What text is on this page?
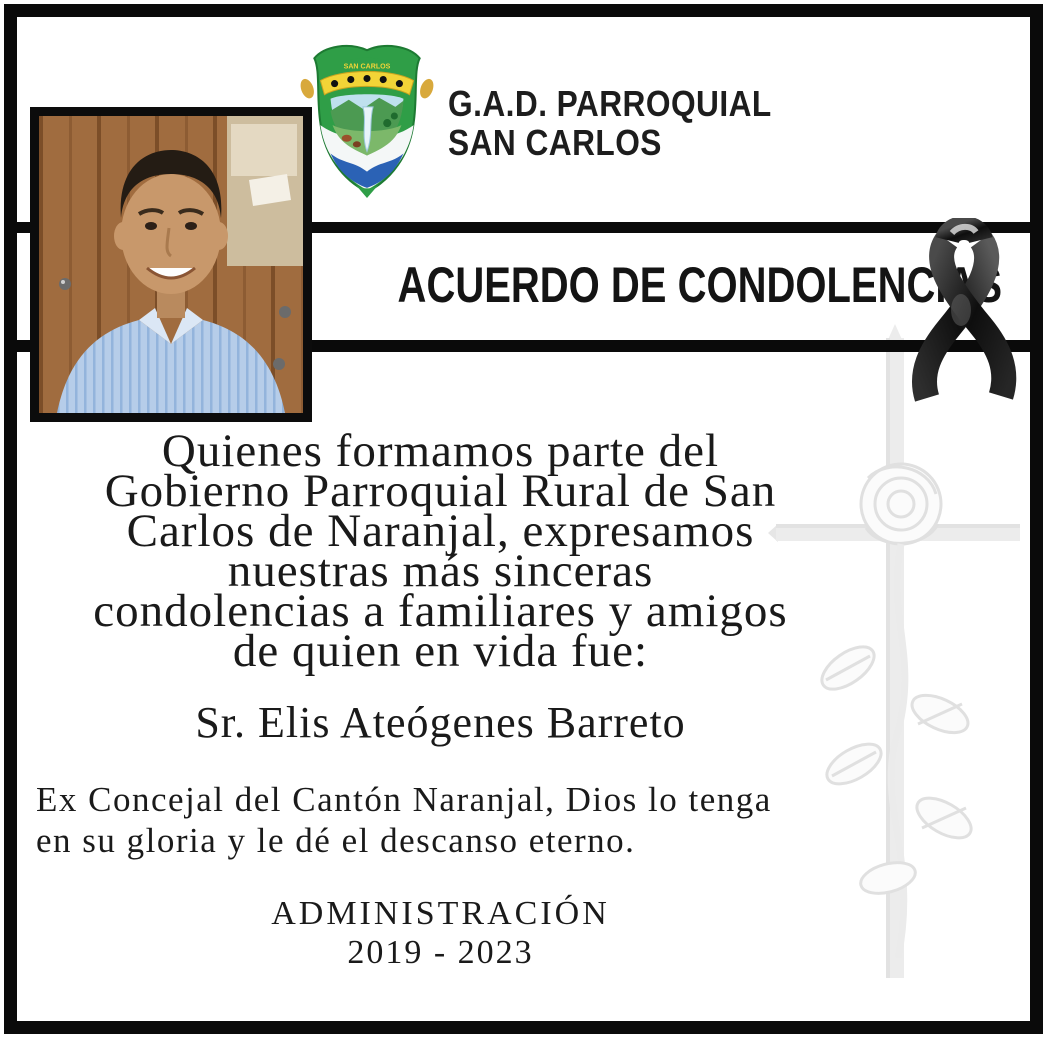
SAN CARLOS
G.A.D. PARROQUIAL
SAN CARLOS
ACUERDO DE CONDOLENCIAS
Quienes formamos parte del
Gobierno Parroquial Rural de San
Carlos de Naranjal, expresamos
nuestras más sinceras
condolencias a familiares y amigos
de quien en vida fue:
Sr. Elis Ateógenes Barreto
Ex Concejal del Cantón Naranjal, Dios lo tenga
en su gloria y le dé el descanso eterno.
ADMINISTRACIÓN
2019 - 2023
